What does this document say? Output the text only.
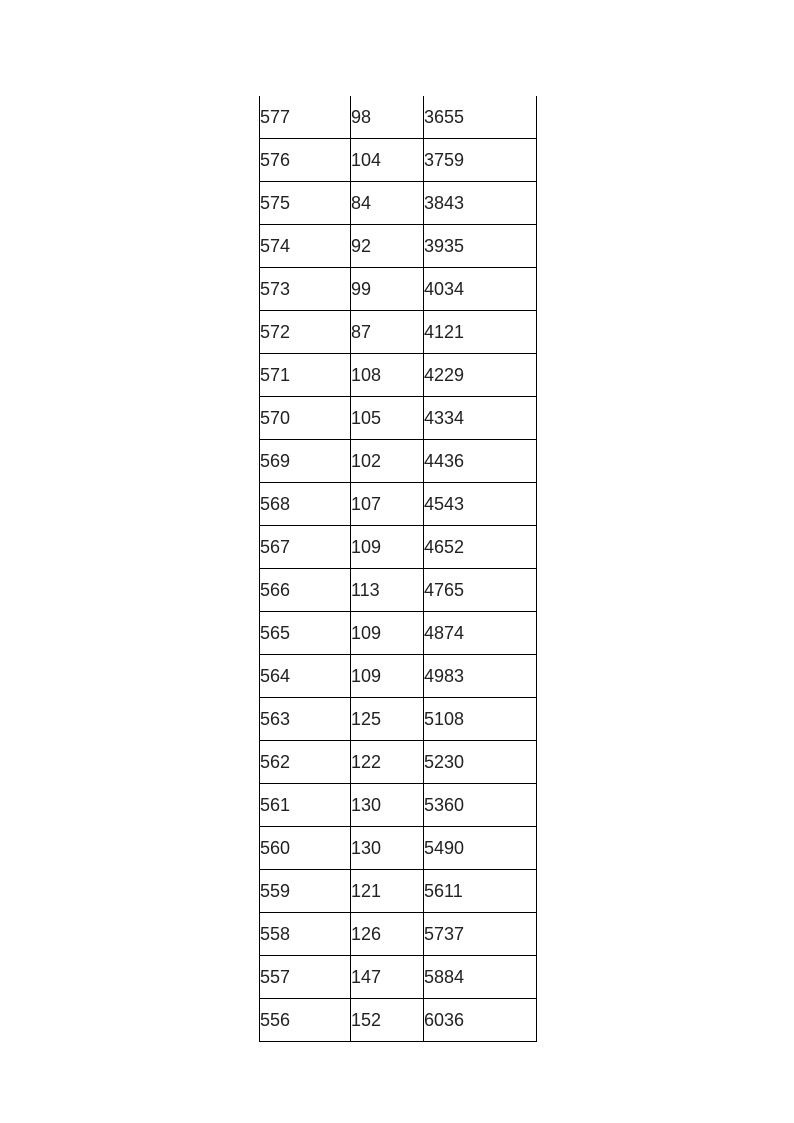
577	98	3655
576	104	3759
575	84	3843
574	92	3935
573	99	4034
572	87	4121
571	108	4229
570	105	4334
569	102	4436
568	107	4543
567	109	4652
566	113	4765
565	109	4874
564	109	4983
563	125	5108
562	122	5230
561	130	5360
560	130	5490
559	121	5611
558	126	5737
557	147	5884
556	152	6036
